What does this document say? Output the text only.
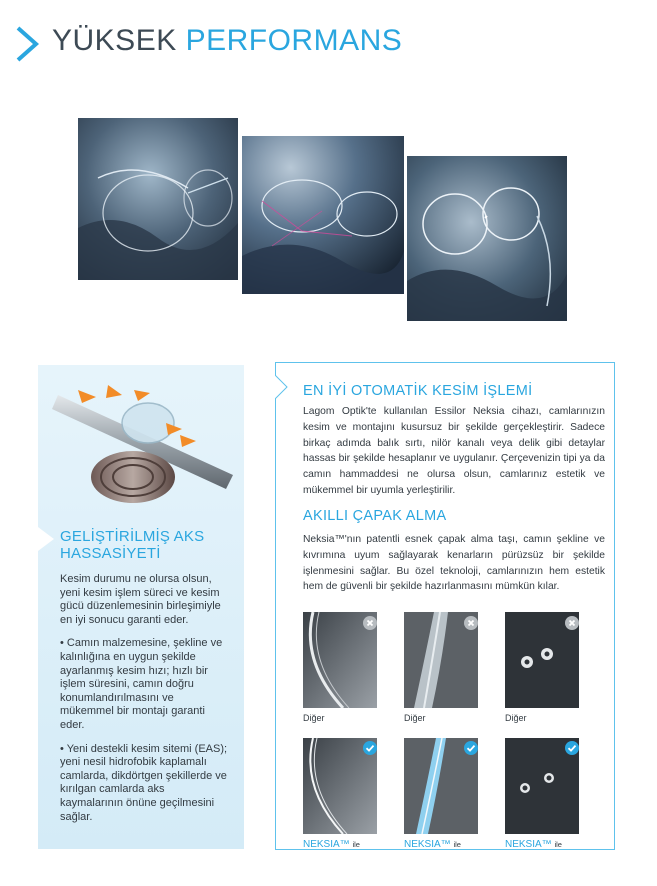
YÜKSEK PERFORMANS
GELİŞTİRİLMİŞ AKS
HASSASİYETİ

Kesim durumu ne olursa olsun, yeni kesim işlem süreci ve kesim gücü düzenlemesinin birleşimiyle en iyi sonucu garanti eder.

• Camın malzemesine, şekline ve kalınlığına en uygun şekilde ayarlanmış kesim hızı; hızlı bir işlem süresini, camın doğru konumlandırılmasını ve mükemmel bir montajı garanti eder.

• Yeni destekli kesim sitemi (EAS); yeni nesil hidrofobik kaplamalı camlarda, dikdörtgen şekillerde ve kırılgan camlarda aks kaymalarının önüne geçilmesini sağlar.

EN İYİ OTOMATİK KESİM İŞLEMİ
Lagom Optik'te kullanılan Essilor Neksia cihazı, camlarınızın kesim ve montajını kusursuz bir şekilde gerçekleştirir. Sadece birkaç adımda balık sırtı, nilör kanalı veya delik gibi detaylar hassas bir şekilde hesaplanır ve uygulanır. Çerçevenizin tipi ya da camın hammaddesi ne olursa olsun, camlarınız estetik ve mükemmel bir uyumla yerleştirilir.
AKILLI ÇAPAK ALMA
Neksia™'nın patentli esnek çapak alma taşı, camın şekline ve kıvrımına uyum sağlayarak kenarların pürüzsüz bir şekilde işlenmesini sağlar. Bu özel teknoloji, camlarınızın hem estetik hem de güvenli bir şekilde hazırlanmasını mümkün kılar.
Diğer	Diğer	Diğer
NEKSIA™ ile	NEKSIA™ ile	NEKSIA™ ile
